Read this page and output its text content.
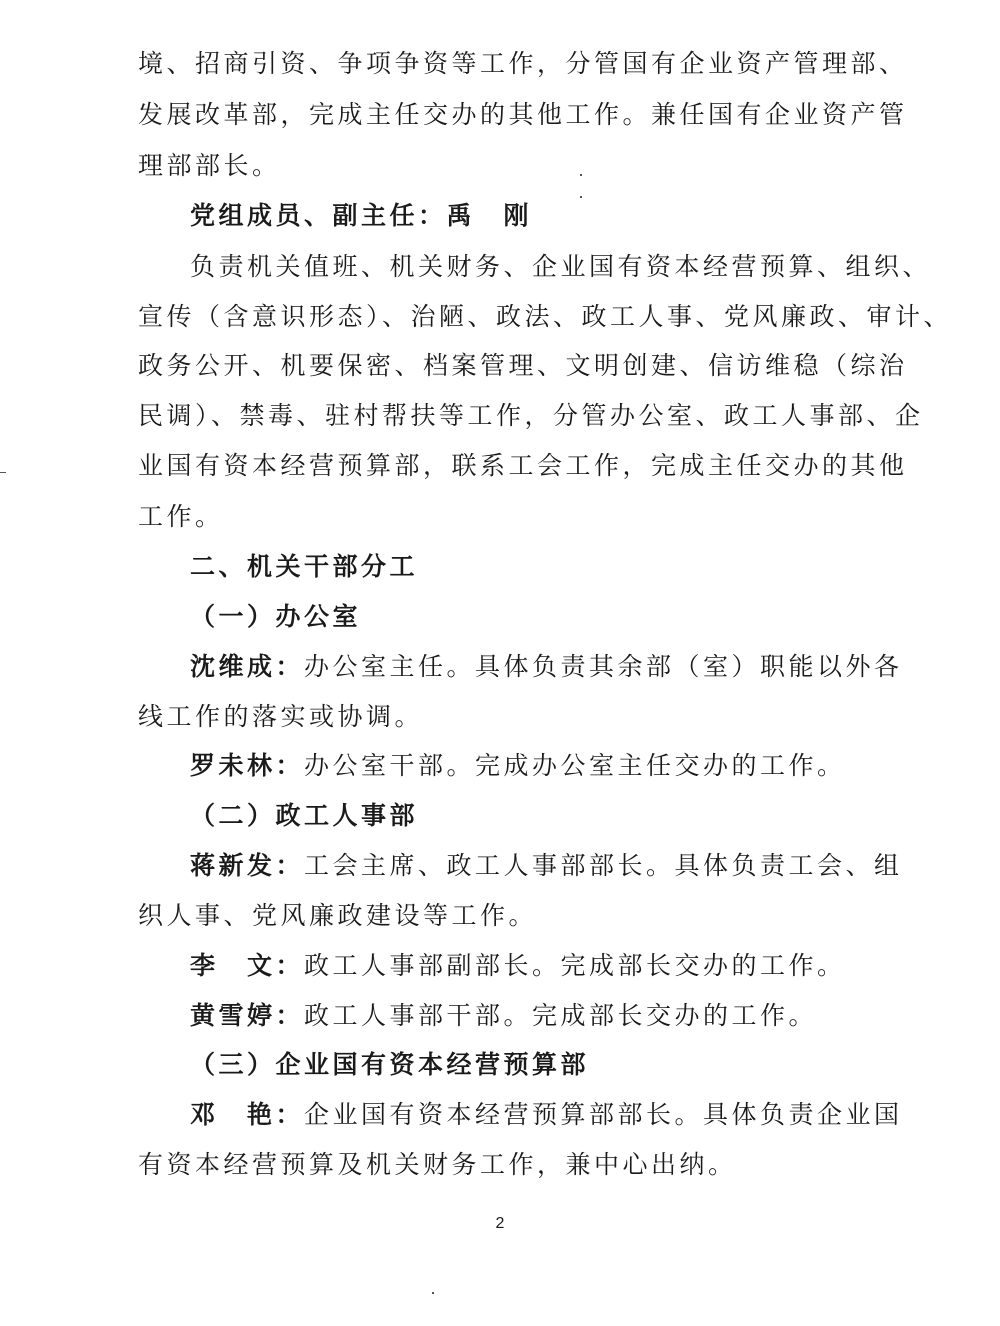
境、招商引资、争项争资等工作，分管国有企业资产管理部、
发展改革部，完成主任交办的其他工作。兼任国有企业资产管
理部部长。
党组成员、副主任：禹　刚
负责机关值班、机关财务、企业国有资本经营预算、组织、
宣传（含意识形态）、治陋、政法、政工人事、党风廉政、审计、
政务公开、机要保密、档案管理、文明创建、信访维稳（综治
民调）、禁毒、驻村帮扶等工作，分管办公室、政工人事部、企
业国有资本经营预算部，联系工会工作，完成主任交办的其他
工作。
二、机关干部分工
（一）办公室
沈维成：办公室主任。具体负责其余部（室）职能以外各
线工作的落实或协调。
罗未林：办公室干部。完成办公室主任交办的工作。
（二）政工人事部
蒋新发：工会主席、政工人事部部长。具体负责工会、组
织人事、党风廉政建设等工作。
李　文：政工人事部副部长。完成部长交办的工作。
黄雪婷：政工人事部干部。完成部长交办的工作。
（三）企业国有资本经营预算部
邓　艳：企业国有资本经营预算部部长。具体负责企业国
有资本经营预算及机关财务工作，兼中心出纳。
2
